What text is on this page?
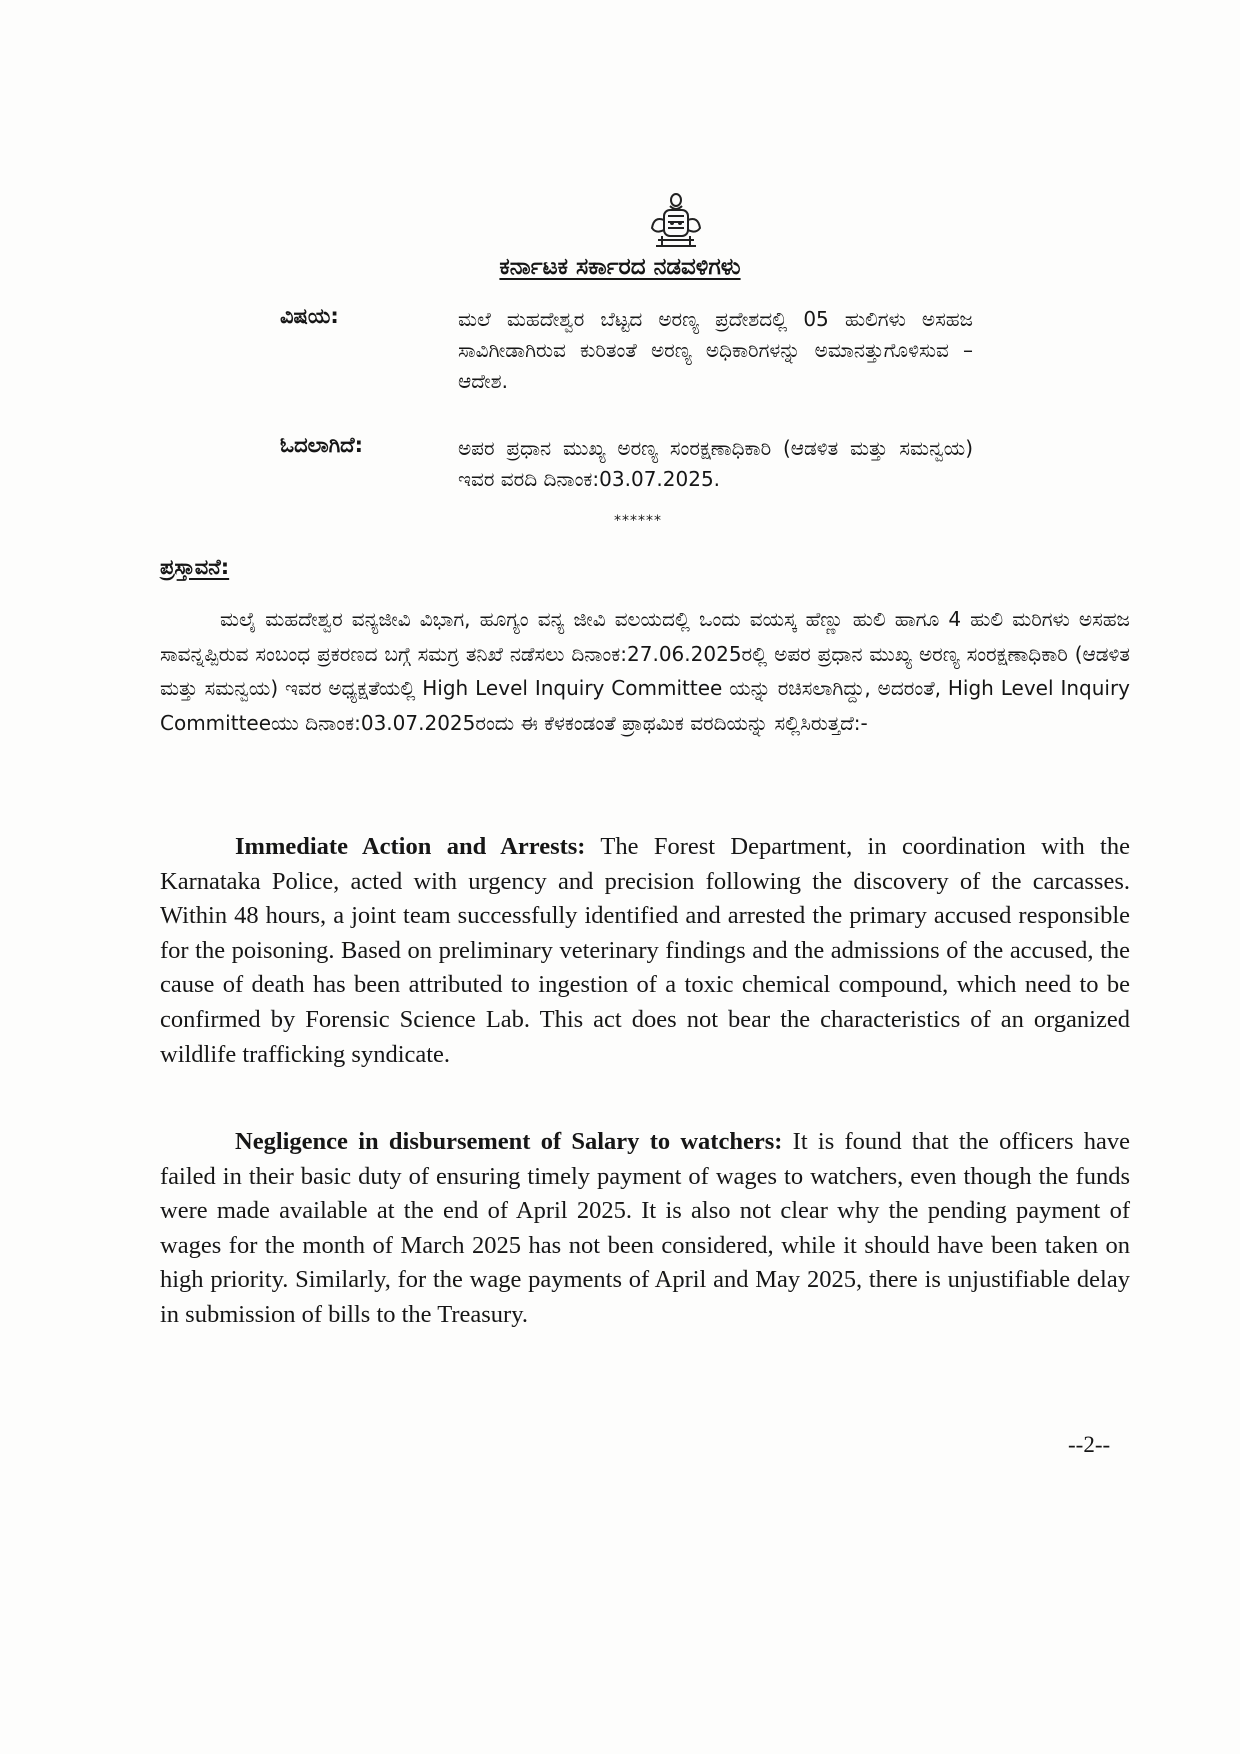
ಕರ್ನಾಟಕ ಸರ್ಕಾರದ ನಡವಳಿಗಳು
ವಿಷಯ:	ಮಲೆ ಮಹದೇಶ್ವರ ಬೆಟ್ಟದ ಅರಣ್ಯ ಪ್ರದೇಶದಲ್ಲಿ 05 ಹುಲಿಗಳು ಅಸಹಜ ಸಾವಿಗೀಡಾಗಿರುವ ಕುರಿತಂತೆ ಅರಣ್ಯ ಅಧಿಕಾರಿಗಳನ್ನು ಅಮಾನತ್ತುಗೊಳಿಸುವ – ಆದೇಶ.
ಓದಲಾಗಿದೆ:	ಅಪರ ಪ್ರಧಾನ ಮುಖ್ಯ ಅರಣ್ಯ ಸಂರಕ್ಷಣಾಧಿಕಾರಿ (ಆಡಳಿತ ಮತ್ತು ಸಮನ್ವಯ) ಇವರ ವರದಿ ದಿನಾಂಕ:03.07.2025.
******
ಪ್ರಸ್ತಾವನೆ:
ಮಲೈ ಮಹದೇಶ್ವರ ವನ್ಯಜೀವಿ ವಿಭಾಗ, ಹೂಗ್ಯಂ ವನ್ಯ ಜೀವಿ ವಲಯದಲ್ಲಿ ಒಂದು ವಯಸ್ಕ ಹೆಣ್ಣು ಹುಲಿ ಹಾಗೂ 4 ಹುಲಿ ಮರಿಗಳು ಅಸಹಜ ಸಾವನ್ನಪ್ಪಿರುವ ಸಂಬಂಧ ಪ್ರಕರಣದ ಬಗ್ಗೆ ಸಮಗ್ರ ತನಿಖೆ ನಡೆಸಲು ದಿನಾಂಕ:27.06.2025ರಲ್ಲಿ ಅಪರ ಪ್ರಧಾನ ಮುಖ್ಯ ಅರಣ್ಯ ಸಂರಕ್ಷಣಾಧಿಕಾರಿ (ಆಡಳಿತ ಮತ್ತು ಸಮನ್ವಯ) ಇವರ ಅಧ್ಯಕ್ಷತೆಯಲ್ಲಿ High Level Inquiry Committee ಯನ್ನು ರಚಿಸಲಾಗಿದ್ದು, ಅದರಂತೆ, High Level Inquiry Committeeಯು ದಿನಾಂಕ:03.07.2025ರಂದು ಈ ಕೆಳಕಂಡಂತೆ ಪ್ರಾಥಮಿಕ ವರದಿಯನ್ನು ಸಲ್ಲಿಸಿರುತ್ತದೆ:-
Immediate Action and Arrests: The Forest Department, in coordination with the Karnataka Police, acted with urgency and precision following the discovery of the carcasses. Within 48 hours, a joint team successfully identified and arrested the primary accused responsible for the poisoning. Based on preliminary veterinary findings and the admissions of the accused, the cause of death has been attributed to ingestion of a toxic chemical compound, which need to be confirmed by Forensic Science Lab. This act does not bear the characteristics of an organized wildlife trafficking syndicate.
Negligence in disbursement of Salary to watchers: It is found that the officers have failed in their basic duty of ensuring timely payment of wages to watchers, even though the funds were made available at the end of April 2025. It is also not clear why the pending payment of wages for the month of March 2025 has not been considered, while it should have been taken on high priority. Similarly, for the wage payments of April and May 2025, there is unjustifiable delay in submission of bills to the Treasury.
--2--
